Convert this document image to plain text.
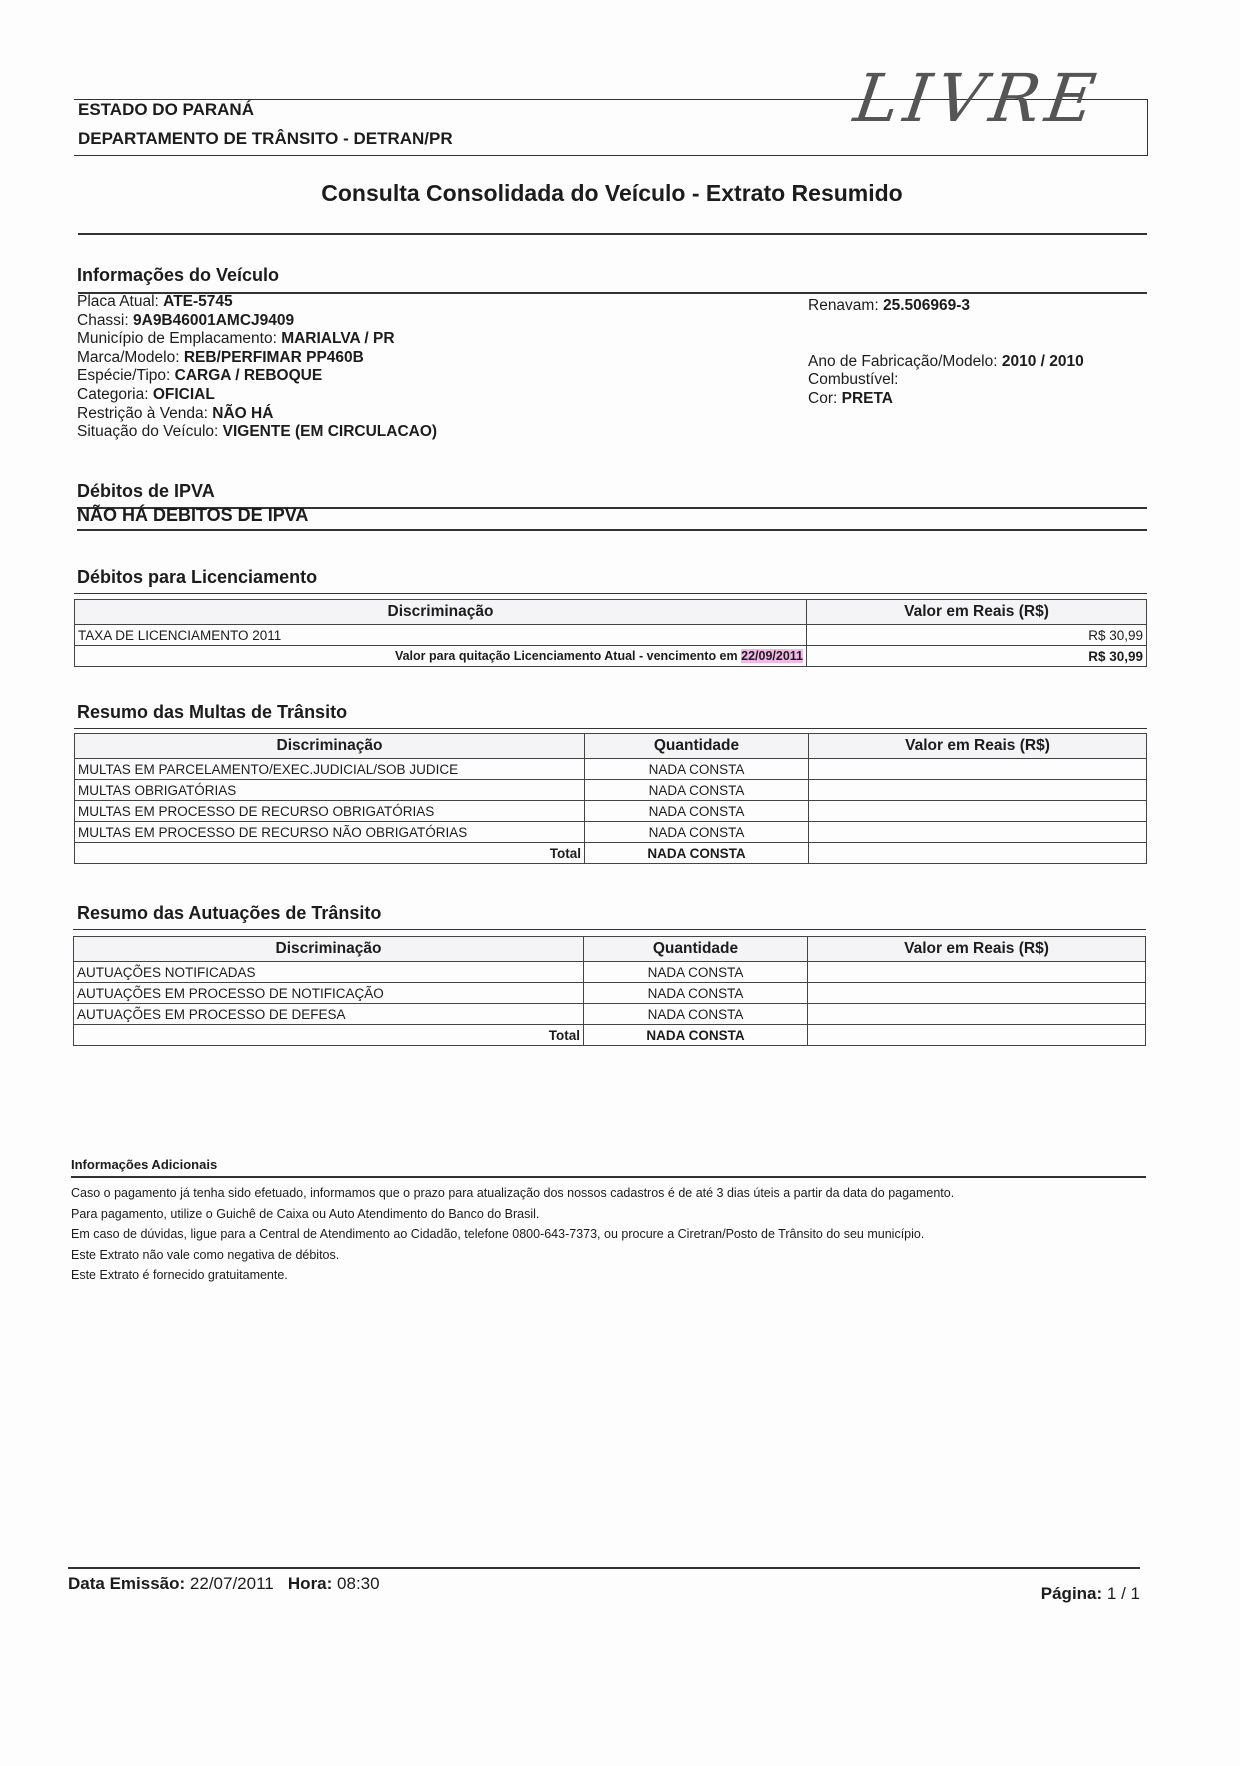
ESTADO DO PARANÁ
DEPARTAMENTO DE TRÂNSITO - DETRAN/PR
LIVRE
Consulta Consolidada do Veículo - Extrato Resumido
Informações do Veículo
Placa Atual: ATE-5745
Chassi: 9A9B46001AMCJ9409
Município de Emplacamento: MARIALVA / PR
Marca/Modelo: REB/PERFIMAR PP460B
Espécie/Tipo: CARGA / REBOQUE
Categoria: OFICIAL
Restrição à Venda: NÃO HÁ
Situação do Veículo: VIGENTE (EM CIRCULACAO)
Renavam: 25.506969-3
Ano de Fabricação/Modelo: 2010 / 2010
Combustível:
Cor: PRETA
Débitos de IPVA
NÃO HÁ DEBITOS DE IPVA
Débitos para Licenciamento
Discriminação	Valor em Reais (R$)
TAXA DE LICENCIAMENTO 2011	R$ 30,99
Valor para quitação Licenciamento Atual - vencimento em 22/09/2011	R$ 30,99
Resumo das Multas de Trânsito
Discriminação	Quantidade	Valor em Reais (R$)
MULTAS EM PARCELAMENTO/EXEC.JUDICIAL/SOB JUDICE	NADA CONSTA	
MULTAS OBRIGATÓRIAS	NADA CONSTA	
MULTAS EM PROCESSO DE RECURSO OBRIGATÓRIAS	NADA CONSTA	
MULTAS EM PROCESSO DE RECURSO NÃO OBRIGATÓRIAS	NADA CONSTA	
Total	NADA CONSTA	
Resumo das Autuações de Trânsito
Discriminação	Quantidade	Valor em Reais (R$)
AUTUAÇÕES NOTIFICADAS	NADA CONSTA	
AUTUAÇÕES EM PROCESSO DE NOTIFICAÇÃO	NADA CONSTA	
AUTUAÇÕES EM PROCESSO DE DEFESA	NADA CONSTA	
Total	NADA CONSTA	
Informações Adicionais
Caso o pagamento já tenha sido efetuado, informamos que o prazo para atualização dos nossos cadastros é de até 3 dias úteis a partir da data do pagamento.
Para pagamento, utilize o Guichê de Caixa ou Auto Atendimento do Banco do Brasil.
Em caso de dúvidas, ligue para a Central de Atendimento ao Cidadão, telefone 0800-643-7373, ou procure a Ciretran/Posto de Trânsito do seu município.
Este Extrato não vale como negativa de débitos.
Este Extrato é fornecido gratuitamente.
Data Emissão: 22/07/2011 Hora: 08:30
Página: 1 / 1
